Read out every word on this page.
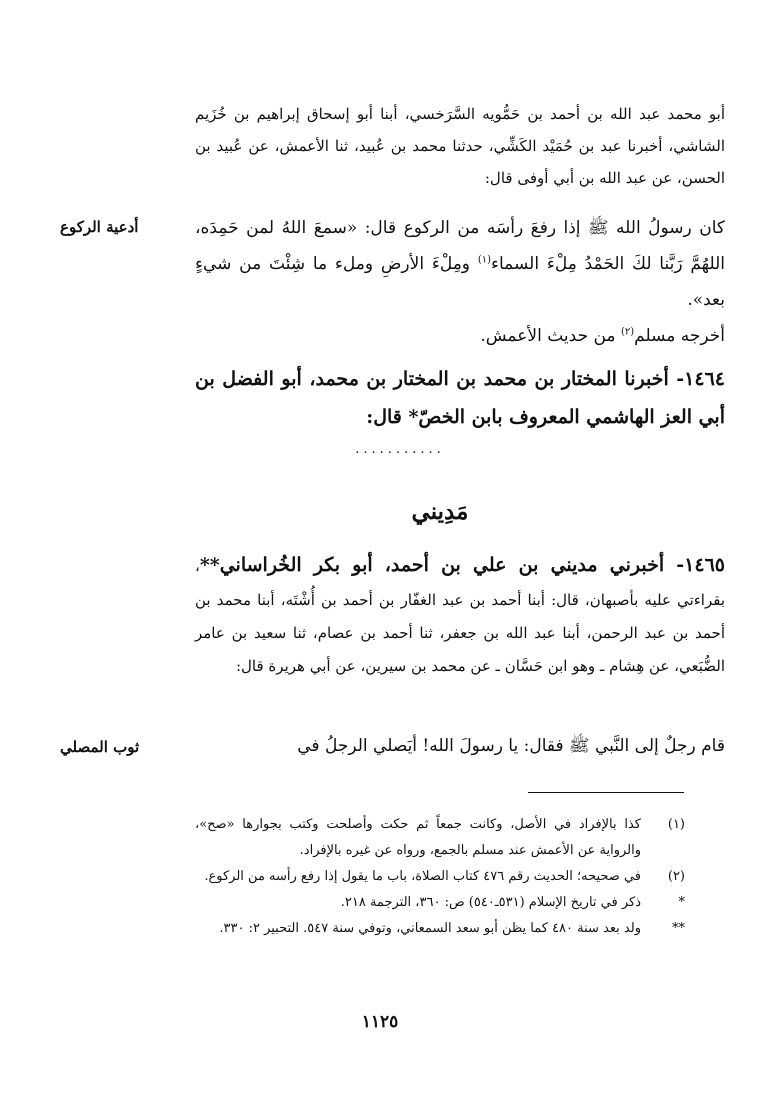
أبو محمد عبد الله بن أحمد بن حَمُّويه السَّرَخسي، أبنا أبو إسحاق إبراهيم بن خُزَيم الشاشي، أخبرنا عبد بن حُمَيْد الكَشِّي، حدثنا محمد بن عُبيد، ثنا الأعمش، عن عُبيد بن الحسن، عن عبد الله بن أبي أوفى قال:
أدعية الركوع	كان رسولُ الله ﷺ إذا رفعَ رأسَه من الركوع قال: «سمعَ اللهُ لمن حَمِدَه، اللهُمَّ رَبَّنا لكَ الحَمْدُ مِلْءَ السماء$^{(١)}$ ومِلْءَ الأرضِ وملء ما شِئْتَ من شيءٍ بعد».
أخرجه مسلم$^{(٢)}$ من حديث الأعمش.
١٤٦٤- أخبرنا المختار بن محمد بن المختار بن محمد، أبو الفضل بن أبي العز الهاشمي المعروف بابن الخصّ* قال:
...........
مَدِيني
١٤٦٥- أخبرني مديني بن علي بن أحمد، أبو بكر الخُراساني**، بقراءتي عليه بأصبهان، قال: أبنا أحمد بن عبد الغفّار بن أحمد بن أُشْتَه، أبنا محمد بن أحمد بن عبد الرحمن، أبنا عبد الله بن جعفر، ثنا أحمد بن عصام، ثنا سعيد بن عامر الضُّبَعي، عن هِشام ـ وهو ابن حَسَّان ـ عن محمد بن سيرين، عن أبي هريرة قال:
ثوب المصلي	قام رجلٌ إلى النَّبي ﷺ فقال: يا رسولَ الله! أيَصلي الرجلُ في
(١)
كذا بالإفراد في الأصل، وكانت جمعاً ثم حكت وأصلحت وكتب بجوارها «صح»، والرواية عن الأعمش عند مسلم بالجمع، ورواه عن غيره بالإفراد.
(٢)
في صحيحه؛ الحديث رقم ٤٧٦ كتاب الصلاة، باب ما يقول إذا رفع رأسه من الركوع.
*
ذكر في تاريخ الإسلام (٥٣١ـ٥٤٠) ص: ٣٦٠، الترجمة ٢١٨.
**
ولد بعد سنة ٤٨٠ كما يظن أبو سعد السمعاني، وتوفي سنة ٥٤٧. التحبير ٢: ٣٣٠.
١١٢٥
